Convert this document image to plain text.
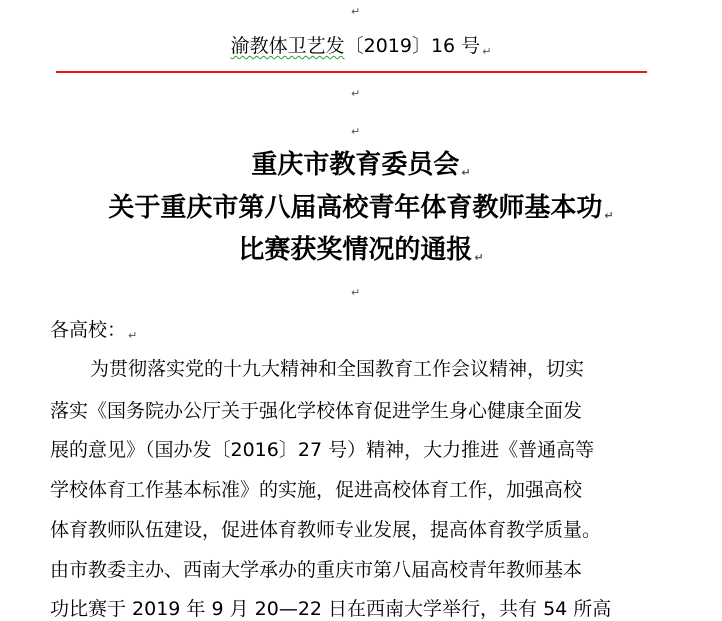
↵
渝教体卫艺发〔2019〕16 号 ↵
↵
↵
重庆市教育委员会 ↵
关于重庆市第八届高校青年体育教师基本功 ↵
比赛获奖情况的通报 ↵
↵
各高校： ↵
为贯彻落实党的十九大精神和全国教育工作会议精神，切实
落实《国务院办公厅关于强化学校体育促进学生身心健康全面发
展的意见》（国办发〔2016〕27 号）精神，大力推进《普通高等
学校体育工作基本标准》的实施，促进高校体育工作，加强高校
体育教师队伍建设，促进体育教师专业发展，提高体育教学质量。
由市教委主办、西南大学承办的重庆市第八届高校青年教师基本
功比赛于 2019 年 9 月 20—22 日在西南大学举行，共有 54 所高
